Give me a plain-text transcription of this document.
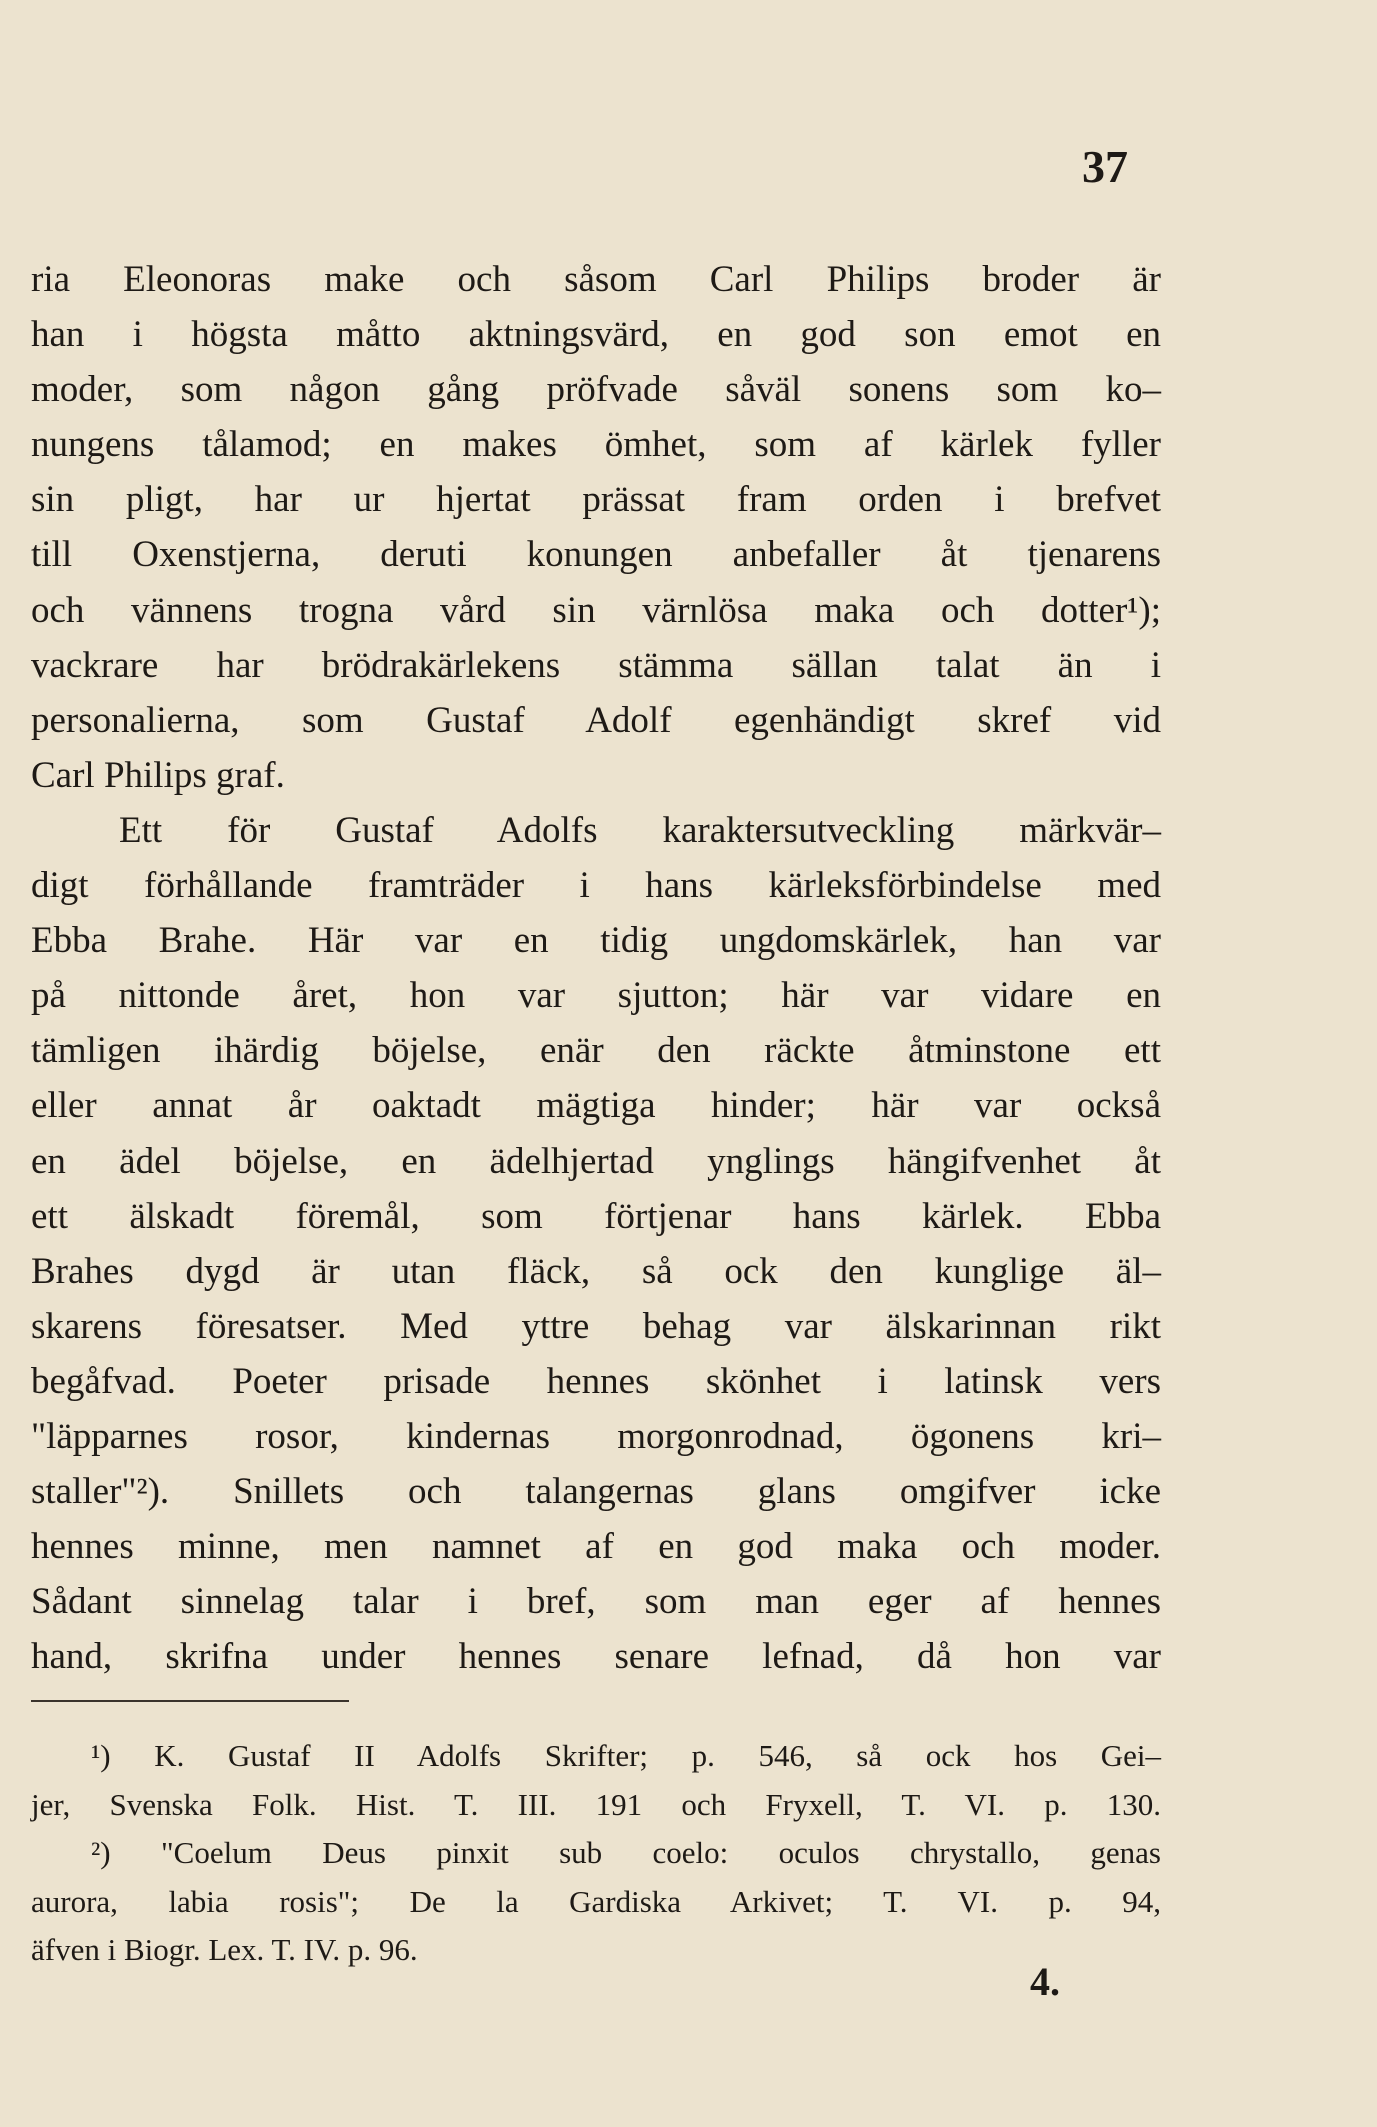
37
ria Eleonoras make och såsom Carl Philips broder är
han i högsta måtto aktningsvärd, en god son emot en
moder, som någon gång pröfvade såväl sonens som ko–
nungens tålamod; en makes ömhet, som af kärlek fyller
sin pligt, har ur hjertat prässat fram orden i brefvet
till Oxenstjerna, deruti konungen anbefaller åt tjenarens
och vännens trogna vård sin värnlösa maka och dotter¹);
vackrare har brödrakärlekens stämma sällan talat än i
personalierna, som Gustaf Adolf egenhändigt skref vid
Carl Philips graf.
Ett för Gustaf Adolfs karaktersutveckling märkvär–
digt förhållande framträder i hans kärleksförbindelse med
Ebba Brahe. Här var en tidig ungdomskärlek, han var
på nittonde året, hon var sjutton; här var vidare en
tämligen ihärdig böjelse, enär den räckte åtminstone ett
eller annat år oaktadt mägtiga hinder; här var också
en ädel böjelse, en ädelhjertad ynglings hängifvenhet åt
ett älskadt föremål, som förtjenar hans kärlek. Ebba
Brahes dygd är utan fläck, så ock den kunglige äl–
skarens föresatser. Med yttre behag var älskarinnan rikt
begåfvad. Poeter prisade hennes skönhet i latinsk vers
"läpparnes rosor, kindernas morgonrodnad, ögonens kri–
staller"²). Snillets och talangernas glans omgifver icke
hennes minne, men namnet af en god maka och moder.
Sådant sinnelag talar i bref, som man eger af hennes
hand, skrifna under hennes senare lefnad, då hon var
¹) K. Gustaf II Adolfs Skrifter; p. 546, så ock hos Gei–
jer, Svenska Folk. Hist. T. III. 191 och Fryxell, T. VI. p. 130.
²) "Coelum Deus pinxit sub coelo: oculos chrystallo, genas
aurora, labia rosis"; De la Gardiska Arkivet; T. VI. p. 94,
äfven i Biogr. Lex. T. IV. p. 96.
4.
